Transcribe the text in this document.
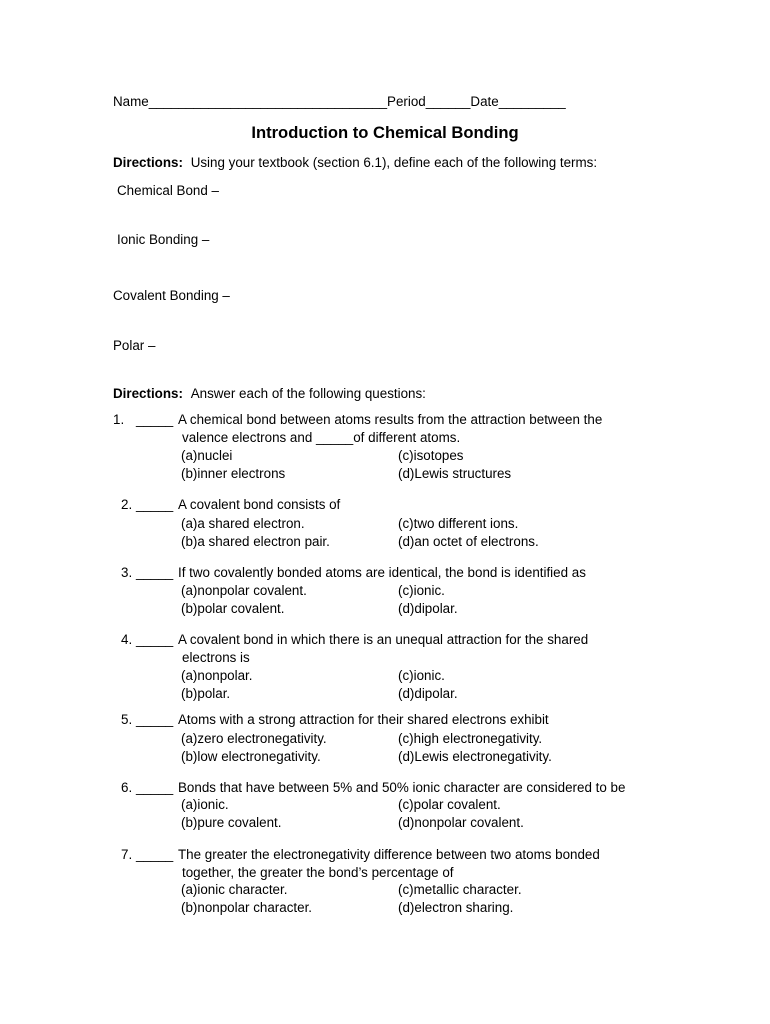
Name________________________________Period______Date_________
Introduction to Chemical Bonding
Directions: Using your textbook (section 6.1), define each of the following terms:
Chemical Bond –
Ionic Bonding –
Covalent Bonding –
Polar –
Directions: Answer each of the following questions:
1. _____ A chemical bond between atoms results from the attraction between the
valence electrons and _____of different atoms.
(a)nuclei	(c)isotopes
(b)inner electrons	(d)Lewis structures
2. _____ A covalent bond consists of
(a)a shared electron.	(c)two different ions.
(b)a shared electron pair.	(d)an octet of electrons.
3. _____ If two covalently bonded atoms are identical, the bond is identified as
(a)nonpolar covalent.	(c)ionic.
(b)polar covalent.	(d)dipolar.
4. _____ A covalent bond in which there is an unequal attraction for the shared
electrons is
(a)nonpolar.	(c)ionic.
(b)polar.	(d)dipolar.
5. _____ Atoms with a strong attraction for their shared electrons exhibit
(a)zero electronegativity.	(c)high electronegativity.
(b)low electronegativity.	(d)Lewis electronegativity.
6. _____ Bonds that have between 5% and 50% ionic character are considered to be
(a)ionic.	(c)polar covalent.
(b)pure covalent.	(d)nonpolar covalent.
7. _____ The greater the electronegativity difference between two atoms bonded
together, the greater the bond’s percentage of
(a)ionic character.	(c)metallic character.
(b)nonpolar character.	(d)electron sharing.
